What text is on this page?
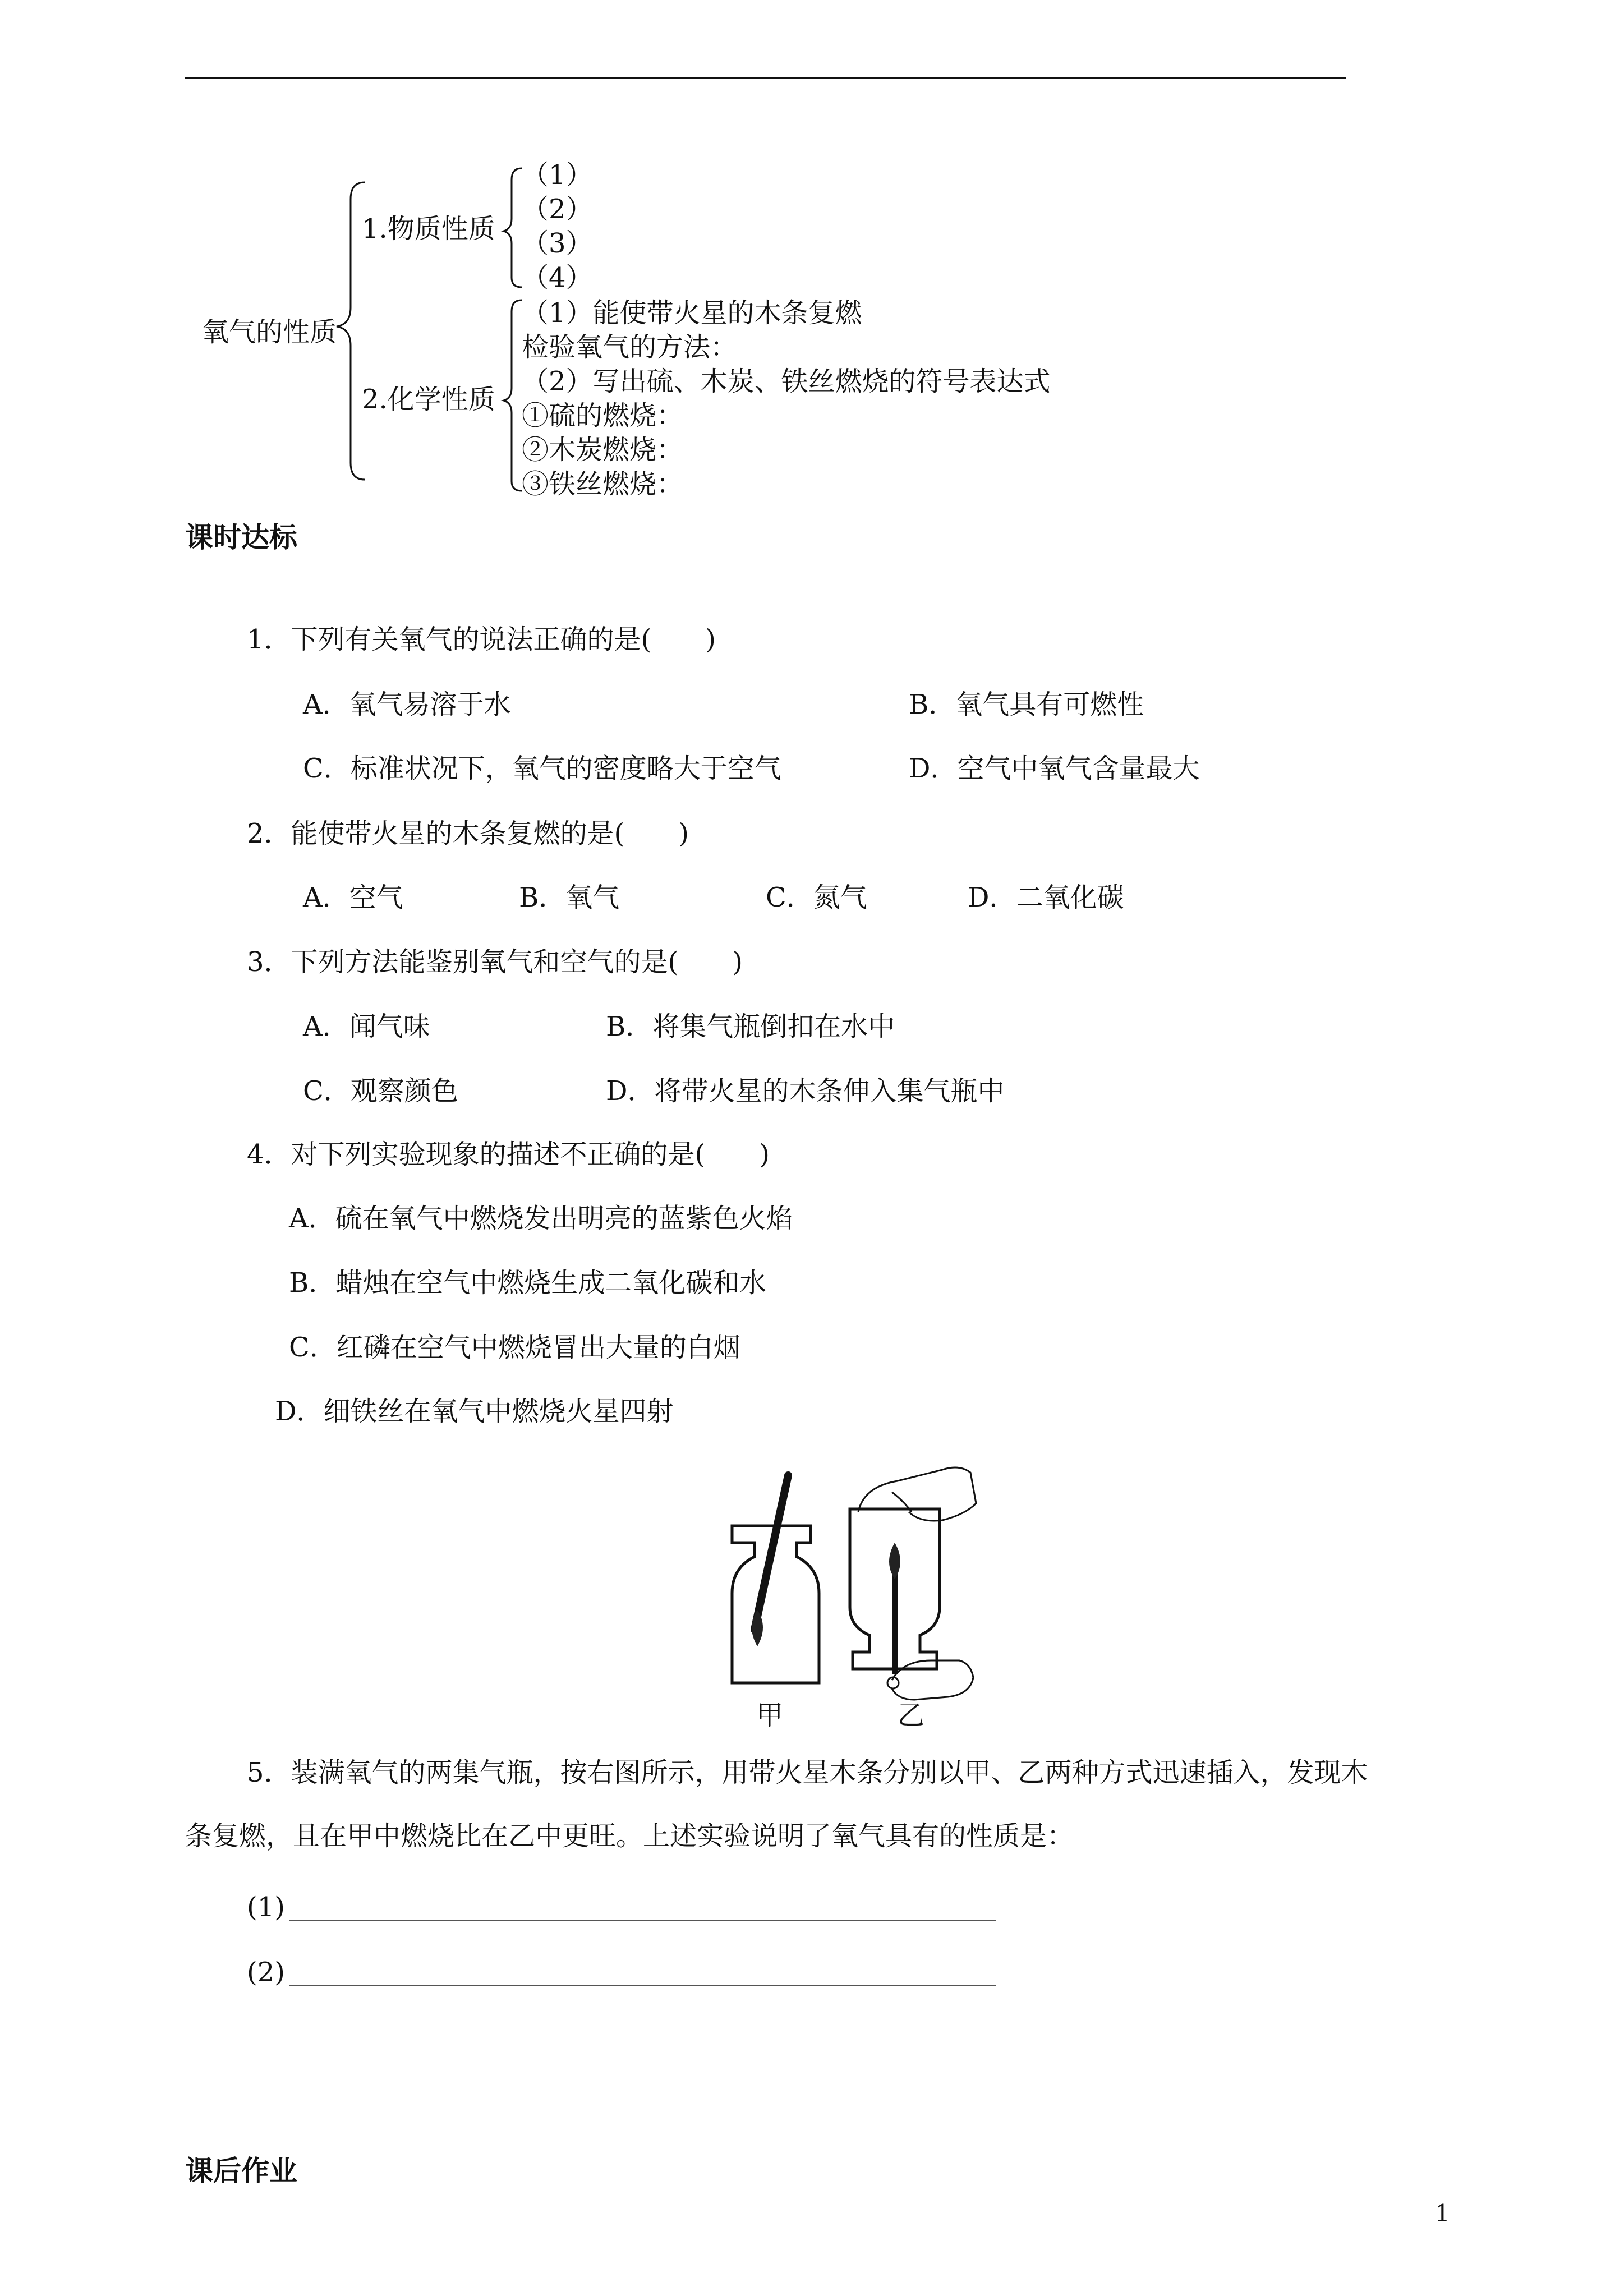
氧气的性质
1.物质性质
（1）
（2）
（3）
（4）
2.化学性质
（1）能使带火星的木条复燃
检验氧气的方法：
（2）写出硫、木炭、铁丝燃烧的符号表达式
①硫的燃烧：
②木炭燃烧：
③铁丝燃烧：
课时达标
1．下列有关氧气的说法正确的是(　　)
A．氧气易溶于水	B．氧气具有可燃性
C．标准状况下，氧气的密度略大于空气	D．空气中氧气含量最大
2．能使带火星的木条复燃的是(　　)
A．空气	B．氧气	C．氮气	D．二氧化碳
3．下列方法能鉴别氧气和空气的是(　　)
A．闻气味	B．将集气瓶倒扣在水中
C．观察颜色	D．将带火星的木条伸入集气瓶中
4．对下列实验现象的描述不正确的是(　　)
A．硫在氧气中燃烧发出明亮的蓝紫色火焰
B．蜡烛在空气中燃烧生成二氧化碳和水
C．红磷在空气中燃烧冒出大量的白烟
D．细铁丝在氧气中燃烧火星四射
甲	乙
5．装满氧气的两集气瓶，按右图所示，用带火星木条分别以甲、乙两种方式迅速插入，发现木
条复燃，且在甲中燃烧比在乙中更旺。上述实验说明了氧气具有的性质是：
(1)
(2)
课后作业
1
